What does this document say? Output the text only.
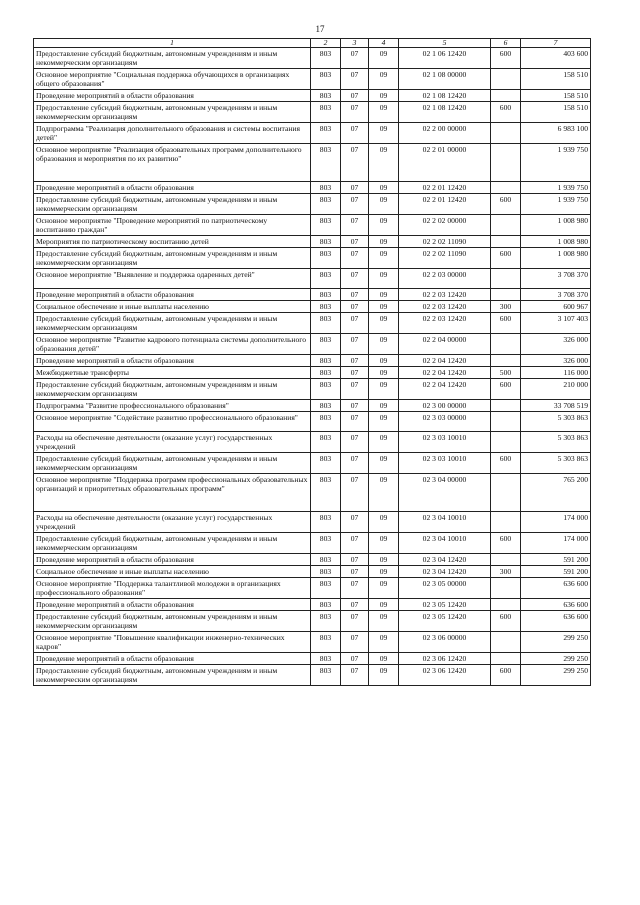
17
1	2	3	4	5	6	7
Предоставление субсидий бюджетным, автономным учреждениям и иным некоммерческим организациям	803	07	09	02 1 06 12420	600	403 600
Основное мероприятие "Социальная поддержка обучающихся в организациях общего образования"	803	07	09	02 1 08 00000		158 510
Проведение мероприятий в области образования	803	07	09	02 1 08 12420		158 510
Предоставление субсидий бюджетным, автономным учреждениям и иным некоммерческим организациям	803	07	09	02 1 08 12420	600	158 510
Подпрограмма "Реализация дополнительного образования и системы воспитания детей"	803	07	09	02 2 00 00000		6 983 100
Основное мероприятие "Реализация образовательных программ дополнительного образования и мероприятия по их развитию"	803	07	09	02 2 01 00000		1 939 750
Проведение мероприятий в области образования	803	07	09	02 2 01 12420		1 939 750
Предоставление субсидий бюджетным, автономным учреждениям и иным некоммерческим организациям	803	07	09	02 2 01 12420	600	1 939 750
Основное мероприятие "Проведение мероприятий по патриотическому воспитанию граждан"	803	07	09	02 2 02 00000		1 008 980
Мероприятия по патриотическому воспитанию детей	803	07	09	02 2 02 11090		1 008 980
Предоставление субсидий бюджетным, автономным учреждениям и иным некоммерческим организациям	803	07	09	02 2 02 11090	600	1 008 980
Основное мероприятие "Выявление и поддержка одаренных детей"	803	07	09	02 2 03 00000		3 708 370
Проведение мероприятий в области образования	803	07	09	02 2 03 12420		3 708 370
Социальное обеспечение и иные выплаты населению	803	07	09	02 2 03 12420	300	600 967
Предоставление субсидий бюджетным, автономным учреждениям и иным некоммерческим организациям	803	07	09	02 2 03 12420	600	3 107 403
Основное мероприятие "Развитие кадрового потенциала системы дополнительного образования детей"	803	07	09	02 2 04 00000		326 000
Проведение мероприятий в области образования	803	07	09	02 2 04 12420		326 000
Межбюджетные трансферты	803	07	09	02 2 04 12420	500	116 000
Предоставление субсидий бюджетным, автономным учреждениям и иным некоммерческим организациям	803	07	09	02 2 04 12420	600	210 000
Подпрограмма "Развитие профессионального образования"	803	07	09	02 3 00 00000		33 708 519
Основное мероприятие "Содействие развитию профессионального образования"	803	07	09	02 3 03 00000		5 303 863
Расходы на обеспечение деятельности (оказание услуг) государственных учреждений	803	07	09	02 3 03 10010		5 303 863
Предоставление субсидий бюджетным, автономным учреждениям и иным некоммерческим организациям	803	07	09	02 3 03 10010	600	5 303 863
Основное мероприятие "Поддержка программ профессиональных образовательных организаций и приоритетных образовательных программ"	803	07	09	02 3 04 00000		765 200
Расходы на обеспечение деятельности (оказание услуг) государственных учреждений	803	07	09	02 3 04 10010		174 000
Предоставление субсидий бюджетным, автономным учреждениям и иным некоммерческим организациям	803	07	09	02 3 04 10010	600	174 000
Проведение мероприятий в области образования	803	07	09	02 3 04 12420		591 200
Социальное обеспечение и иные выплаты населению	803	07	09	02 3 04 12420	300	591 200
Основное мероприятие "Поддержка талантливой молодежи в организациях профессионального образования"	803	07	09	02 3 05 00000		636 600
Проведение мероприятий в области образования	803	07	09	02 3 05 12420		636 600
Предоставление субсидий бюджетным, автономным учреждениям и иным некоммерческим организациям	803	07	09	02 3 05 12420	600	636 600
Основное мероприятие "Повышение квалификации инженерно-технических кадров"	803	07	09	02 3 06 00000		299 250
Проведение мероприятий в области образования	803	07	09	02 3 06 12420		299 250
Предоставление субсидий бюджетным, автономным учреждениям и иным некоммерческим организациям	803	07	09	02 3 06 12420	600	299 250
